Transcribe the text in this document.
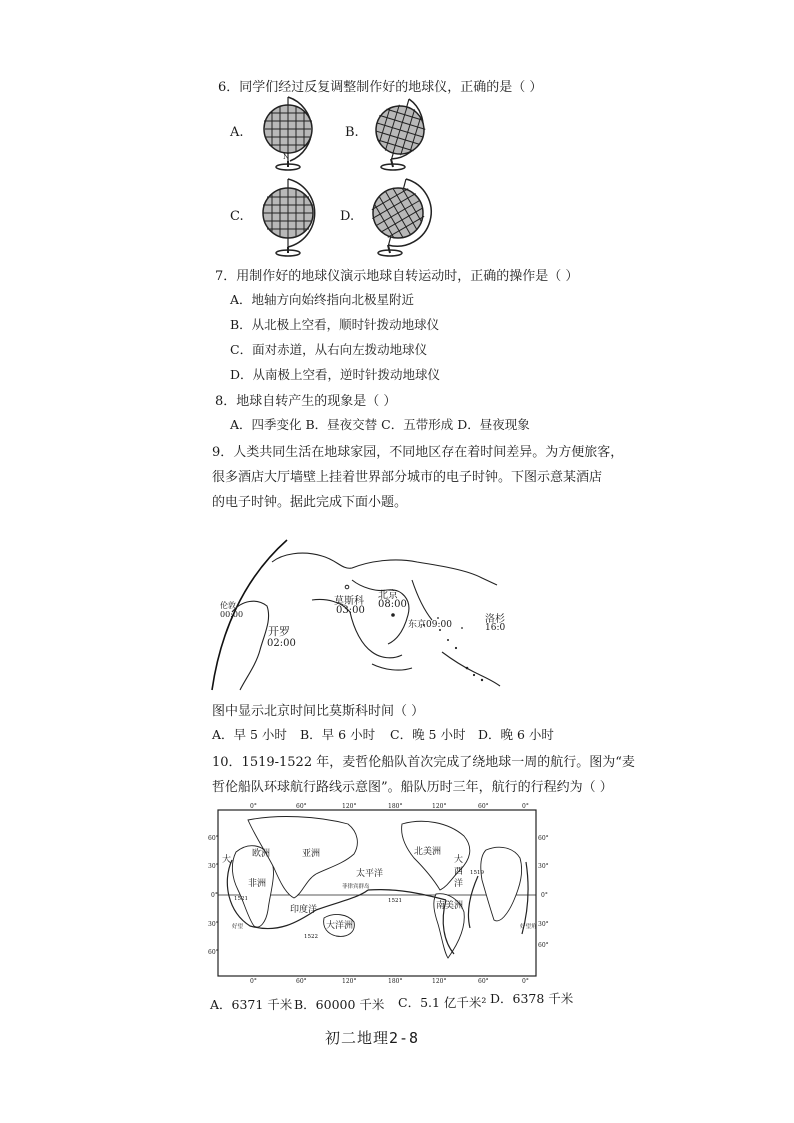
6．同学们经过反复调整制作好的地球仪，正确的是（ ）
A.
N
B.
C.	D.
7．用制作好的地球仪演示地球自转运动时，正确的操作是（ ）
A．地轴方向始终指向北极星附近
B．从北极上空看，顺时针拨动地球仪
C．面对赤道，从右向左拨动地球仪
D．从南极上空看，逆时针拨动地球仪
8．地球自转产生的现象是（ ）
A．四季变化 B．昼夜交替 C．五带形成 D．昼夜现象
9．人类共同生活在地球家园，不同地区存在着时间差异。为方便旅客，
很多酒店大厅墙壁上挂着世界部分城市的电子时钟。下图示意某酒店
的电子时钟。据此完成下面小题。
伦敦
00:00
莫斯科
03:00
北京
08:00
东京09:00
开罗
02:00
洛杉
16:0
图中显示北京时间比莫斯科时间（ ）
A．早 5 小时 B．早 6 小时 C．晚 5 小时 D．晚 6 小时
10．1519-1522 年，麦哲伦船队首次完成了绕地球一周的航行。图为“麦
哲伦船队环球航行路线示意图”。船队历时三年，航行的行程约为（ ）
0°	60°	120°	180°	120°	60°	0°
0°	60°	120°	180°	120°	60°	0°
60°
30°
0°
30°
60°
60°
30°
0°
30°
60°
欧洲	亚洲
非洲
印度洋
太平洋
北美洲
南美洲
大洋洲
大
西
洋
大
菲律宾群岛
好望	好望角
1521
1522
1521
1519
A．6371 千米 B．60000 千米 C．5.1 亿千米² D．6378 千米
初二地理2-8
